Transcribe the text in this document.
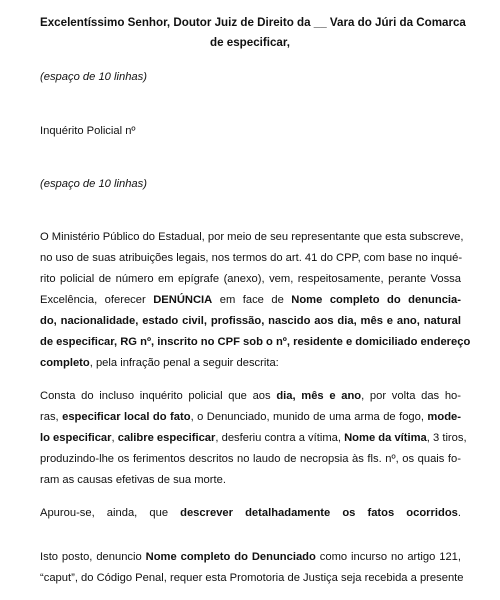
Excelentíssimo Senhor, Doutor Juiz de Direito da __ Vara do Júri da Comarca
de especificar,
(espaço de 10 linhas)
Inquérito Policial nº
(espaço de 10 linhas)
O Ministério Público do Estadual, por meio de seu representante que esta subscreve,
no uso de suas atribuições legais, nos termos do art. 41 do CPP, com base no inqué-
rito policial de número em epígrafe (anexo), vem, respeitosamente, perante Vossa
Excelência, oferecer DENÚNCIA em face de Nome completo do denuncia-
do, nacionalidade, estado civil, profissão, nascido aos dia, mês e ano, natural
de especificar, RG nº, inscrito no CPF sob o nº, residente e domiciliado endereço
completo, pela infração penal a seguir descrita:
Consta do incluso inquérito policial que aos dia, mês e ano, por volta das ho-
ras, especificar local do fato, o Denunciado, munido de uma arma de fogo, mode-
lo especificar, calibre especificar, desferiu contra a vítima, Nome da vítima, 3 tiros,
produzindo-lhe os ferimentos descritos no laudo de necropsia às fls. nº, os quais fo-
ram as causas efetivas de sua morte.
Apurou-se, ainda, que descrever detalhadamente os fatos ocorridos.
Isto posto, denuncio Nome completo do Denunciado como incurso no artigo 121,
“caput”, do Código Penal, requer esta Promotoria de Justiça seja recebida a presente
